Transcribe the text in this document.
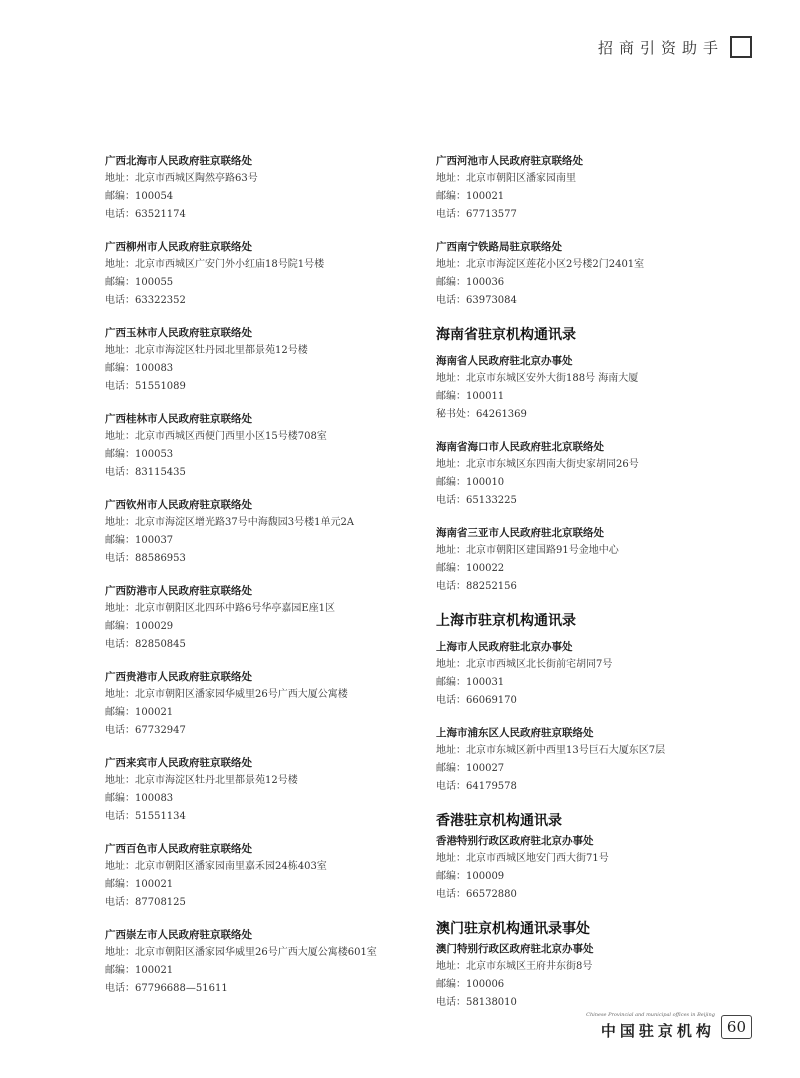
招商引资助手
广西北海市人民政府驻京联络处
地址：北京市西城区陶然亭路63号
邮编：100054
电话：63521174
广西柳州市人民政府驻京联络处
地址：北京市西城区广安门外小红庙18号院1号楼
邮编：100055
电话：63322352
广西玉林市人民政府驻京联络处
地址：北京市海淀区牡丹园北里都景苑12号楼
邮编：100083
电话：51551089
广西桂林市人民政府驻京联络处
地址：北京市西城区西便门西里小区15号楼708室
邮编：100053
电话：83115435
广西钦州市人民政府驻京联络处
地址：北京市海淀区增光路37号中海馥园3号楼1单元2A
邮编：100037
电话：88586953
广西防港市人民政府驻京联络处
地址：北京市朝阳区北四环中路6号华亭嘉园E座1区
邮编：100029
电话：82850845
广西贵港市人民政府驻京联络处
地址：北京市朝阳区潘家园华威里26号广西大厦公寓楼
邮编：100021
电话：67732947
广西来宾市人民政府驻京联络处
地址：北京市海淀区牡丹北里都景苑12号楼
邮编：100083
电话：51551134
广西百色市人民政府驻京联络处
地址：北京市朝阳区潘家园南里嘉禾园24栋403室
邮编：100021
电话：87708125
广西崇左市人民政府驻京联络处
地址：北京市朝阳区潘家园华威里26号广西大厦公寓楼601室
邮编：100021
电话：67796688—51611
广西河池市人民政府驻京联络处
地址：北京市朝阳区潘家园南里
邮编：100021
电话：67713577
广西南宁铁路局驻京联络处
地址：北京市海淀区莲花小区2号楼2门2401室
邮编：100036
电话：63973084
海南省驻京机构通讯录
海南省人民政府驻北京办事处
地址：北京市东城区安外大街188号 海南大厦
邮编：100011
秘书处：64261369
海南省海口市人民政府驻北京联络处
地址：北京市东城区东四南大街史家胡同26号
邮编：100010
电话：65133225
海南省三亚市人民政府驻北京联络处
地址：北京市朝阳区建国路91号金地中心
邮编：100022
电话：88252156
上海市驻京机构通讯录
上海市人民政府驻北京办事处
地址：北京市西城区北长街前宅胡同7号
邮编：100031
电话：66069170
上海市浦东区人民政府驻京联络处
地址：北京市东城区新中西里13号巨石大厦东区7层
邮编：100027
电话：64179578
香港驻京机构通讯录
香港特别行政区政府驻北京办事处
地址：北京市西城区地安门西大街71号
邮编：100009
电话：66572880
澳门驻京机构通讯录事处
澳门特别行政区政府驻北京办事处
地址：北京市东城区王府井东街8号
邮编：100006
电话：58138010
Chinese Provincial and municipal offices in Beijing
中国驻京机构 60
